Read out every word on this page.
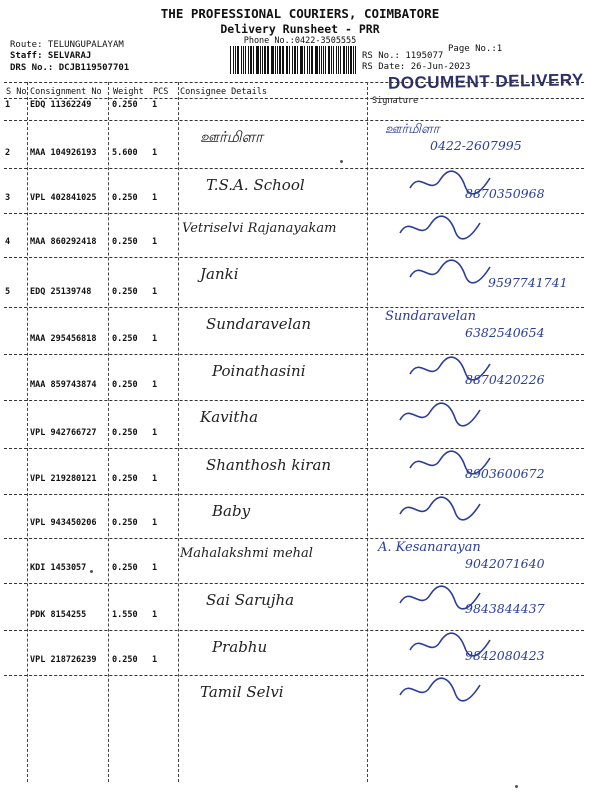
THE PROFESSIONAL COURIERS, COIMBATORE
Delivery Runsheet - PRR
Phone No.:0422-3505555
Page No.:1
Route: TELUNGUPALAYAM
Staff: SELVARAJ
DRS No.: DCJB119507701
RS No.: 1195077
RS Date: 26-Jun-2023
DOCUMENT DELIVERY
S No Consignment No Weight PCS Consignee Details
Signature
1 EDQ 11362249 0.250 1
2 MAA 104926193 5.600 1
3 VPL 402841025 0.250 1
4 MAA 860292418 0.250 1
5 EDQ 25139748 0.250 1
MAA 295456818 0.250 1
MAA 859743874 0.250 1
VPL 942766727 0.250 1
VPL 219280121 0.250 1
VPL 943450206 0.250 1
KDI 1453057	0.250 1
PDK 8154255	1.550 1
VPL 218726239 0.250 1
ஊர்மிளா
T.S.A. School
Vetriselvi Rajanayakam
Janki
Sundaravelan
Poinathasini
Kavitha
Shanthosh kiran
Baby
Mahalakshmi mehal
Sai Sarujha
Prabhu
Tamil Selvi
ஊர்மிளா
0422-2607995
8870350968
9597741741
Sundaravelan
6382540654
8870420226
8903600672
A. Kesanarayan
9042071640
9843844437
9842080423
